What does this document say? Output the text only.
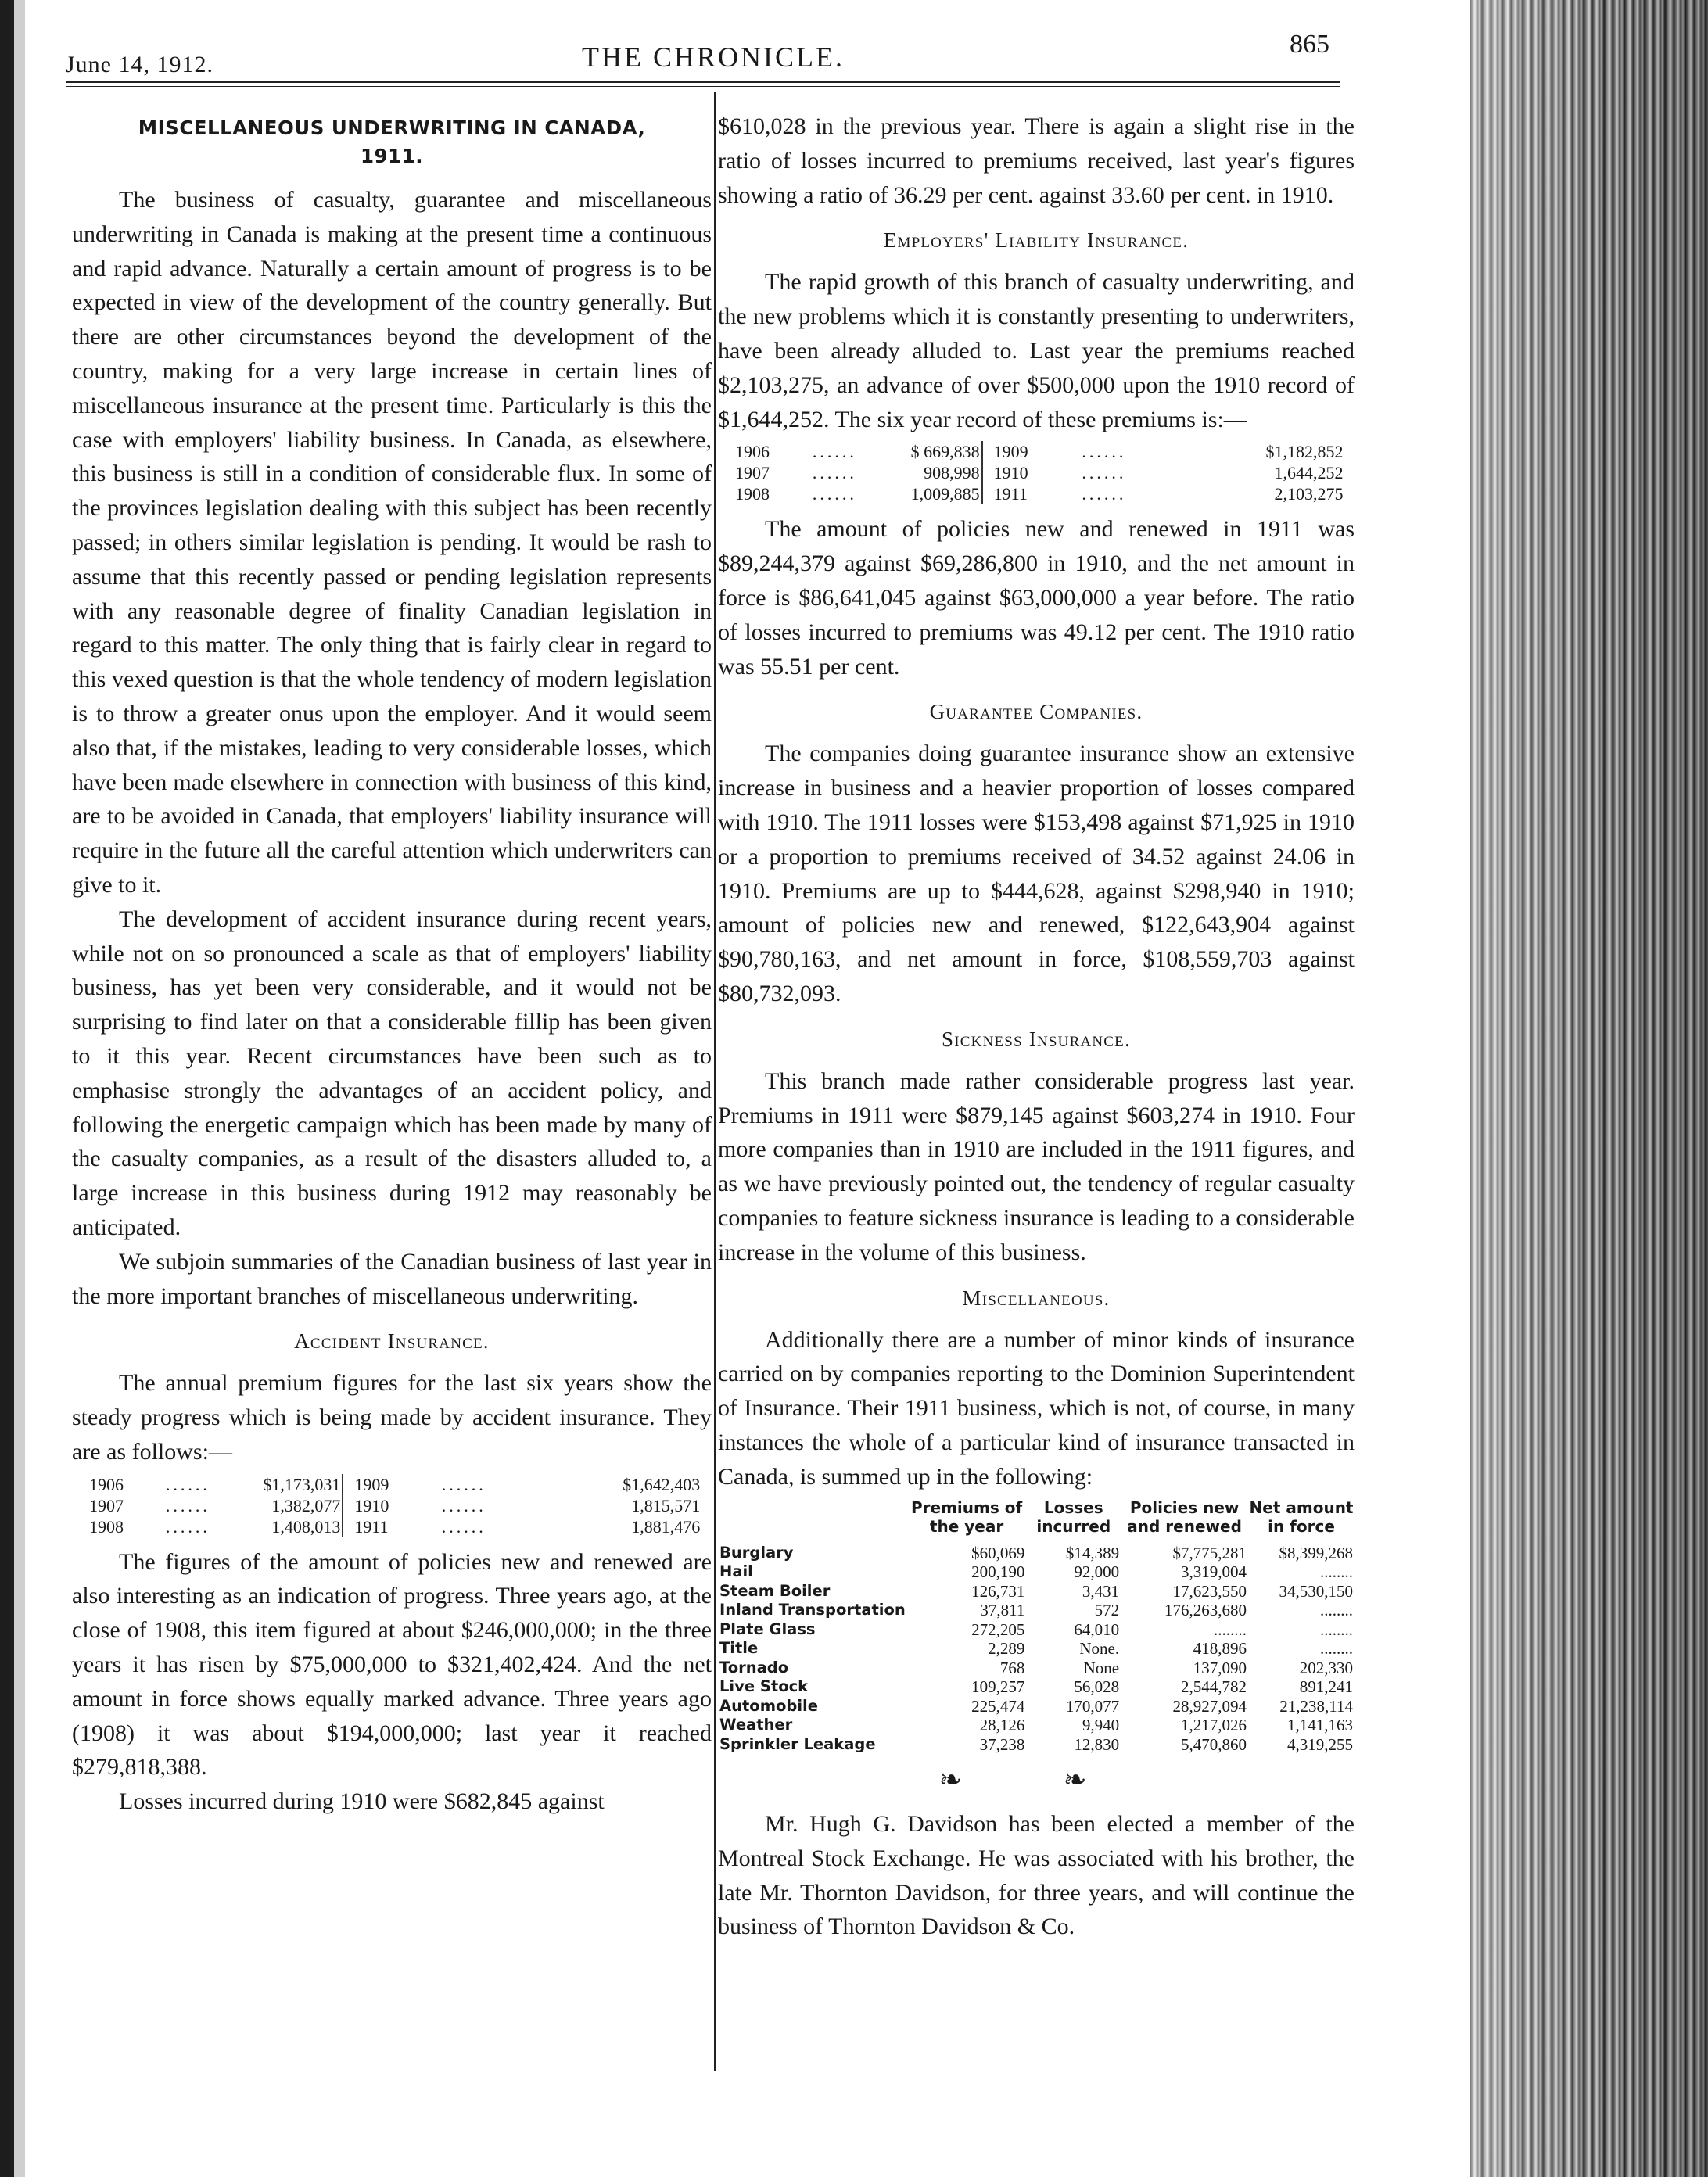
June 14, 1912.	THE CHRONICLE.	865
MISCELLANEOUS UNDERWRITING IN CANADA,
1911.

The business of casualty, guarantee and miscellaneous underwriting in Canada is making at the present time a continuous and rapid advance. Naturally a certain amount of progress is to be expected in view of the development of the country generally. But there are other circumstances beyond the development of the country, making for a very large increase in certain lines of miscellaneous insurance at the present time. Particularly is this the case with employers' liability business. In Canada, as elsewhere, this business is still in a condition of considerable flux. In some of the provinces legislation dealing with this subject has been recently passed; in others similar legislation is pending. It would be rash to assume that this recently passed or pending legislation represents with any reasonable degree of finality Canadian legislation in regard to this matter. The only thing that is fairly clear in regard to this vexed question is that the whole tendency of modern legislation is to throw a greater onus upon the employer. And it would seem also that, if the mistakes, leading to very considerable losses, which have been made elsewhere in connection with business of this kind, are to be avoided in Canada, that employers' liability insurance will require in the future all the careful attention which underwriters can give to it.

The development of accident insurance during recent years, while not on so pronounced a scale as that of employers' liability business, has yet been very considerable, and it would not be surprising to find later on that a considerable fillip has been given to it this year. Recent circumstances have been such as to emphasise strongly the advantages of an accident policy, and following the energetic campaign which has been made by many of the casualty companies, as a result of the disasters alluded to, a large increase in this business during 1912 may reasonably be anticipated.

We subjoin summaries of the Canadian business of last year in the more important branches of miscellaneous underwriting.

Accident Insurance.

The annual premium figures for the last six years show the steady progress which is being made by accident insurance. They are as follows:—

1906	......	$1,173,031	1909	......	$1,642,403
1907	......	1,382,077	1910	......	1,815,571
1908	......	1,408,013	1911	......	1,881,476

The figures of the amount of policies new and renewed are also interesting as an indication of progress. Three years ago, at the close of 1908, this item figured at about $246,000,000; in the three years it has risen by $75,000,000 to $321,402,424. And the net amount in force shows equally marked advance. Three years ago (1908) it was about $194,000,000; last year it reached $279,818,388.

Losses incurred during 1910 were $682,845 against

$610,028 in the previous year. There is again a slight rise in the ratio of losses incurred to premiums received, last year's figures showing a ratio of 36.29 per cent. against 33.60 per cent. in 1910.

Employers' Liability Insurance.

The rapid growth of this branch of casualty underwriting, and the new problems which it is constantly presenting to underwriters, have been already alluded to. Last year the premiums reached $2,103,275, an advance of over $500,000 upon the 1910 record of $1,644,252. The six year record of these premiums is:—

1906	......	$ 669,838	1909	......	$1,182,852
1907	......	908,998	1910	......	1,644,252
1908	......	1,009,885	1911	......	2,103,275

The amount of policies new and renewed in 1911 was $89,244,379 against $69,286,800 in 1910, and the net amount in force is $86,641,045 against $63,000,000 a year before. The ratio of losses incurred to premiums was 49.12 per cent. The 1910 ratio was 55.51 per cent.

Guarantee Companies.

The companies doing guarantee insurance show an extensive increase in business and a heavier proportion of losses compared with 1910. The 1911 losses were $153,498 against $71,925 in 1910 or a proportion to premiums received of 34.52 against 24.06 in 1910. Premiums are up to $444,628, against $298,940 in 1910; amount of policies new and renewed, $122,643,904 against $90,780,163, and net amount in force, $108,559,703 against $80,732,093.

Sickness Insurance.

This branch made rather considerable progress last year. Premiums in 1911 were $879,145 against $603,274 in 1910. Four more companies than in 1910 are included in the 1911 figures, and as we have previously pointed out, the tendency of regular casualty companies to feature sickness insurance is leading to a considerable increase in the volume of this business.

Miscellaneous.

Additionally there are a number of minor kinds of insurance carried on by companies reporting to the Dominion Superintendent of Insurance. Their 1911 business, which is not, of course, in many instances the whole of a particular kind of insurance transacted in Canada, is summed up in the following:

	Premiums of the year	Losses incurred	Policies new and renewed	Net amount in force
Burglary	$60,069	$14,389	$7,775,281	$8,399,268
Hail	200,190	92,000	3,319,004	........
Steam Boiler	126,731	3,431	17,623,550	34,530,150
Inland Transportation	37,811	572	176,263,680	........
Plate Glass	272,205	64,010	........	........
Title	2,289	None.	418,896	........
Tornado	768	None	137,090	202,330
Live Stock	109,257	56,028	2,544,782	891,241
Automobile	225,474	170,077	28,927,094	21,238,114
Weather	28,126	9,940	1,217,026	1,141,163
Sprinkler Leakage	37,238	12,830	5,470,860	4,319,255
❧ ❧

Mr. Hugh G. Davidson has been elected a member of the Montreal Stock Exchange. He was associated with his brother, the late Mr. Thornton Davidson, for three years, and will continue the business of Thornton Davidson & Co.
